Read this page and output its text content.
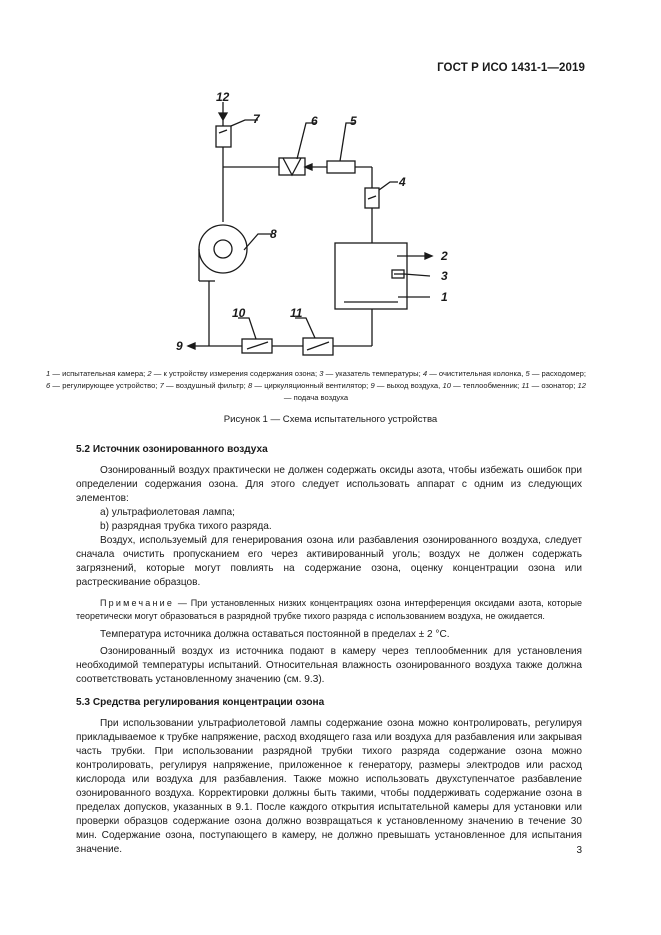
ГОСТ Р ИСО 1431-1—2019
12
7	6	5
4
8
2
3
1
9
10	11
1 — испытательная камера; 2 — к устройству измерения содержания озона; 3 — указатель температуры; 4 — очистительная колонка, 5 — расходомер; 6 — регулирующее устройство; 7 — воздушный фильтр; 8 — циркуляционный вентилятор; 9 — выход воздуха, 10 — теплообменник; 11 — озонатор; 12 — подача воздуха
Рисунок 1 — Схема испытательного устройства

5.2 Источник озонированного воздуха

Озонированный воздух практически не должен содержать оксиды азота, чтобы избежать ошибок при определении содержания озона. Для этого следует использовать аппарат с одним из следующих элементов:

a) ультрафиолетовая лампа;

b) разрядная трубка тихого разряда.

Воздух, используемый для генерирования озона или разбавления озонированного воздуха, следует сначала очистить пропусканием его через активированный уголь; воздух не должен содержать загрязнений, которые могут повлиять на содержание озона, оценку концентрации озона или растрескивание образцов.

Примечание — При установленных низких концентрациях озона интерференция оксидами азота, которые теоретически могут образоваться в разрядной трубке тихого разряда с использованием воздуха, не ожидается.

Температура источника должна оставаться постоянной в пределах ± 2 °C.

Озонированный воздух из источника подают в камеру через теплообменник для установления необходимой температуры испытаний. Относительная влажность озонированного воздуха также должна соответствовать установленному значению (см. 9.3).

5.3 Средства регулирования концентрации озона

При использовании ультрафиолетовой лампы содержание озона можно контролировать, регулируя прикладываемое к трубке напряжение, расход входящего газа или воздуха для разбавления или закрывая часть трубки. При использовании разрядной трубки тихого разряда содержание озона можно контролировать, регулируя напряжение, приложенное к генератору, размеры электродов или расход кислорода или воздуха для разбавления. Также можно использовать двухступенчатое разбавление озонированного воздуха. Корректировки должны быть такими, чтобы поддерживать содержание озона в пределах допусков, указанных в 9.1. После каждого открытия испытательной камеры для установки или проверки образцов содержание озона должно возвращаться к установленному значению в течение 30 мин. Содержание озона, поступающего в камеру, не должно превышать установленное для испытания значение.	3
